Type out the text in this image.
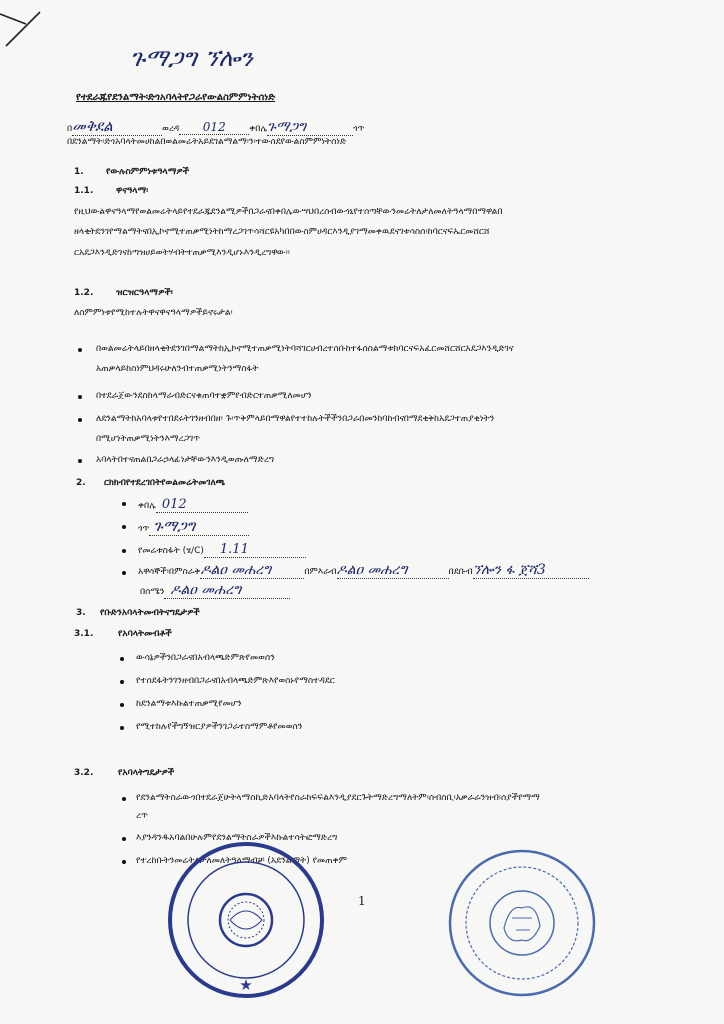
ጉማጋግ ኘሎን
የተደራጁየደንልማት፡ድጎአባላትየጋራየውልስምምነትሰነድ
በመቅደል	ወረዳ 012	ቀበሌጉማጋግ	ጎጥ
በደንልማት፡ድጎአባላትመሀከልበወልመሬትአይደገልማልማ፡ን፡ተውሰደየውልስምምነትሰነድ
1. የውሉስምምነቱዓላማዎች
1.1.	ዋናዓላማ፡
የዚህውልዋናዓላማየወልመሬትላይየተደራጁደንልሚዎችበጋራናበቀበሌውሣህበረሰብውጎኒየተሰጣቸውንመሬትለታለመለትዓላማበማዋልበ
ዘላቂትደንገየማልማትናበኢኮኖሚተጠቃሚነትከማረጋገጥሳሻርዩአካበበውስምሀዳርእንዲያገማመቀዉደናገቱሳስሰ፡ከባርናፍኤርመሸርሸ
ርአደጋእንዲድገናከጣዝሀይወትሃብትተጠቃሚእንዲሆኑእንዲረግዋው፡፡
1.2.	ዝርዝርዓላማዎች፡
ለስምምነቱየሚከተሉትዋናዋናዓላማዎችይኖሩታል፡
በወልመሬትላይበዘላቂትደንገበማልማትከኢኮኖሚተጠቃሚነትባሻገርሀብረተሰቡከተፋሰስልማቱከባርናፍአፈርመሸርሸርአደጋእንዲድገና
አጠቃላይከስነምህዳሩሁለንብተጠቃሚነትንማስፋት
በተደራጀውንደስከላማራብድርናቁጠባተቋምየብድርተጠቃሚለመሆን
ለደንልማትከአባላቱየተበደሩትገንዘብበዘ፡ ጉ፡ጥቅምላይበማዋልየተተከሉትችችንበጋራበመንከባከብናበማደቂቅከአደጋተጠያቂነትን
በሚሆነትጠቃሚነትንእማረጋገጥ
አባላትበተናጠልበጋራኃላፊነታቸውንእንዲወጡለማድረግ
2. ርክክብየተደረገበትየወልመሬትመገለጫ
ቀበሌ 012
ጎጥ ጉማጋግ
የመሬቱስፋት (ሄ/C) 1.11
አዋሳኞች፡በምስራቅዶልዐ መሐረግ	በምእራብዶልዐ መሐረግ	በደቡብኘሎን ፋ ጀሻ3
በሰሜን ዶልዐ መሐረግ
3. የቡድንአባላትመብትናግዴታዎች
3.1.	የአባላትመብቶች
ውሳኔዎችንበጋራናበአብላጫድምጽየመወሰን
የተሰደፋትንገንዘብበጋራናበአብላጫድምጽእየወሰኑየማስተዳደር
ከደንልማቱእኩልተጠቃሚየመሆን
የሚተከሉየችግኝዝርያዎችንገጋራተስማምቶየመወሰን
3.2.	የአባላትግዴታዎች
የደንልማትስራውጎበተደራጀሁትላማስኪድአባላትየስራከፍፍልእንዲያደርጉትማድረግማለትም፡ሰብስቢ፡አቃራራንዝብ፡ሰያችየማማ
ረጥ
እያንዳንዱአባልበሁሉምየደንልማትስራዎችእኩልተሳትፎማድረግ
የተረከቡትንመሬትለታለመለትዓላማብቻ (አደንልማት) የመጠቀም
1
★
